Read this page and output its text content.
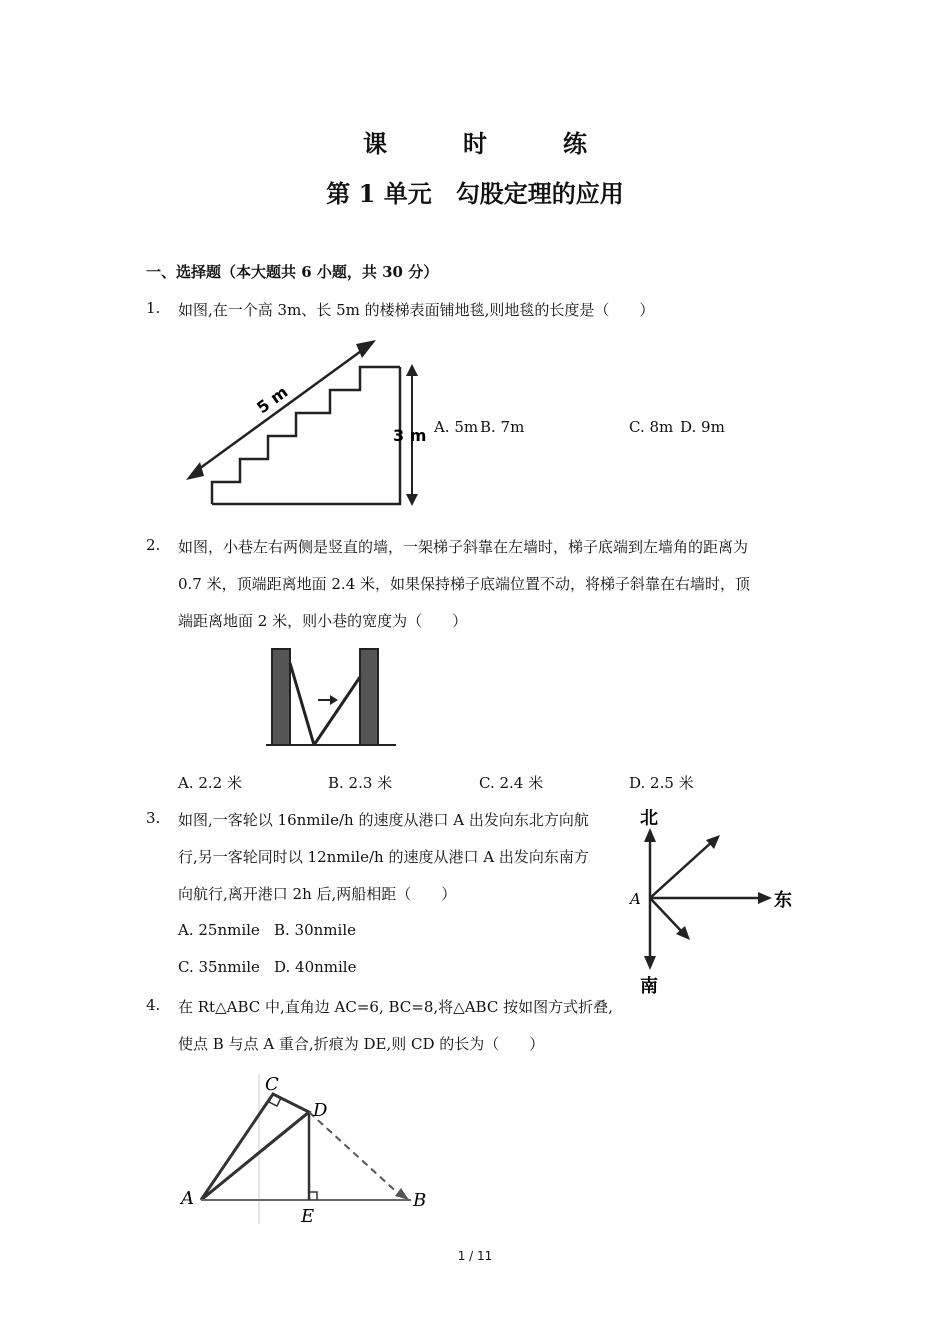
课　时　练
第 1 单元　勾股定理的应用
一、选择题（本大题共 6 小题，共 30 分）
1. 如图,在一个高 3m、长 5m 的楼梯表面铺地毯,则地毯的长度是（　　）
5 m
3 m A. 5m B. 7m	C. 8m D. 9m
2. 如图，小巷左右两侧是竖直的墙，一架梯子斜靠在左墙时，梯子底端到左墙角的距离为
0.7 米，顶端距离地面 2.4 米，如果保持梯子底端位置不动，将梯子斜靠在右墙时，顶
端距离地面 2 米，则小巷的宽度为（　　）
A. 2.2 米	B. 2.3 米	C. 2.4 米	D. 2.5 米
3. 如图,一客轮以 16nmile/h 的速度从港口 A 出发向东北方向航
行,另一客轮同时以 12nmile/h 的速度从港口 A 出发向东南方
向航行,离开港口 2h 后,两船相距（　　）
A. 25nmile B. 30nmile
C. 35nmile D. 40nmile
北
南
东
A
4. 在 Rt△ABC 中,直角边 AC=6, BC=8,将△ABC 按如图方式折叠,
使点 B 与点 A 重合,折痕为 DE,则 CD 的长为（　　）
C
D
A
E
B
1 / 11
